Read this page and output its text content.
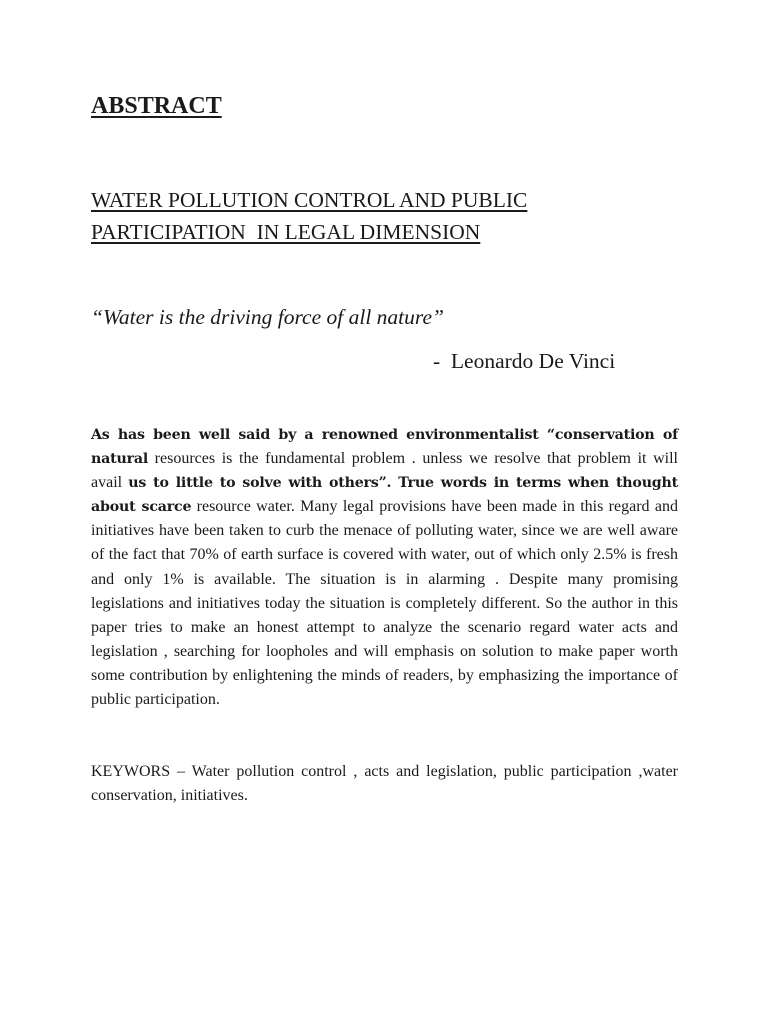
ABSTRACT
WATER POLLUTION CONTROL AND PUBLIC
PARTICIPATION  IN LEGAL DIMENSION

“Water is the driving force of all nature”

-  Leonardo De Vinci

As has been well said by a renowned environmentalist “conservation of natural resources is the fundamental problem . unless we resolve that problem it will avail us to little to solve with others”. True words in terms when thought about scarce resource water. Many legal provisions have been made in this regard and initiatives have been taken to curb the menace of polluting water, since we are well aware of the fact that 70% of earth surface is covered with water, out of which only 2.5% is fresh and only 1% is available. The situation is in alarming . Despite many promising legislations and initiatives today the situation is completely different. So the author in this paper tries to make an honest attempt to analyze the scenario regard water acts and legislation , searching for loopholes and will emphasis on solution to make paper worth some contribution by enlightening the minds of readers, by emphasizing the importance of public participation.

KEYWORS – Water pollution control , acts and legislation, public participation ,water conservation, initiatives.
